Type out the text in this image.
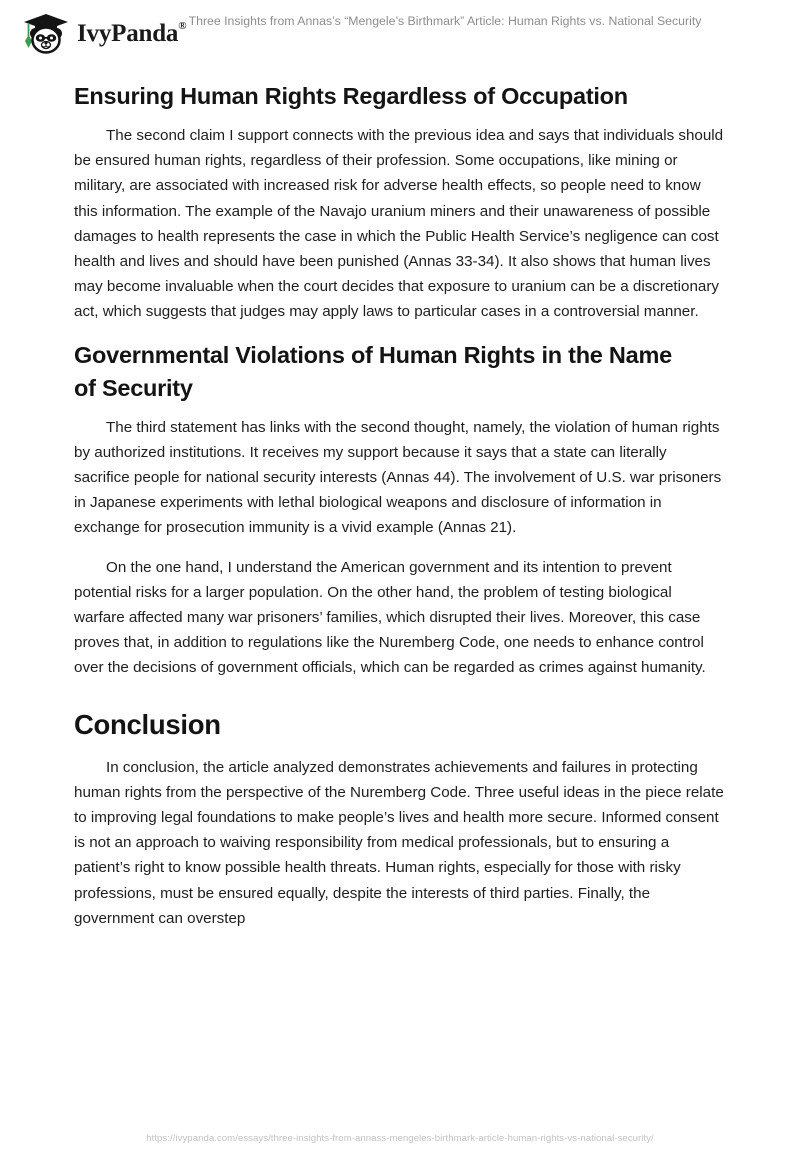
IvyPanda® Three Insights from Annas’s “Mengele’s Birthmark” Article: Human Rights vs. National Security
Ensuring Human Rights Regardless of Occupation

The second claim I support connects with the previous idea and says that individuals should be ensured human rights, regardless of their profession. Some occupations, like mining or military, are associated with increased risk for adverse health effects, so people need to know this information. The example of the Navajo uranium miners and their unawareness of possible damages to health represents the case in which the Public Health Service’s negligence can cost health and lives and should have been punished (Annas 33-34). It also shows that human lives may become invaluable when the court decides that exposure to uranium can be a discretionary act, which suggests that judges may apply laws to particular cases in a controversial manner.

Governmental Violations of Human Rights in the Name of Security

The third statement has links with the second thought, namely, the violation of human rights by authorized institutions. It receives my support because it says that a state can literally sacrifice people for national security interests (Annas 44). The involvement of U.S. war prisoners in Japanese experiments with lethal biological weapons and disclosure of information in exchange for prosecution immunity is a vivid example (Annas 21).

On the one hand, I understand the American government and its intention to prevent potential risks for a larger population. On the other hand, the problem of testing biological warfare affected many war prisoners’ families, which disrupted their lives. Moreover, this case proves that, in addition to regulations like the Nuremberg Code, one needs to enhance control over the decisions of government officials, which can be regarded as crimes against humanity.

Conclusion

In conclusion, the article analyzed demonstrates achievements and failures in protecting human rights from the perspective of the Nuremberg Code. Three useful ideas in the piece relate to improving legal foundations to make people’s lives and health more secure. Informed consent is not an approach to waiving responsibility from medical professionals, but to ensuring a patient’s right to know possible health threats. Human rights, especially for those with risky professions, must be ensured equally, despite the interests of third parties. Finally, the government can overstep

https://ivypanda.com/essays/three-insights-from-annass-mengeles-birthmark-article-human-rights-vs-national-security/
